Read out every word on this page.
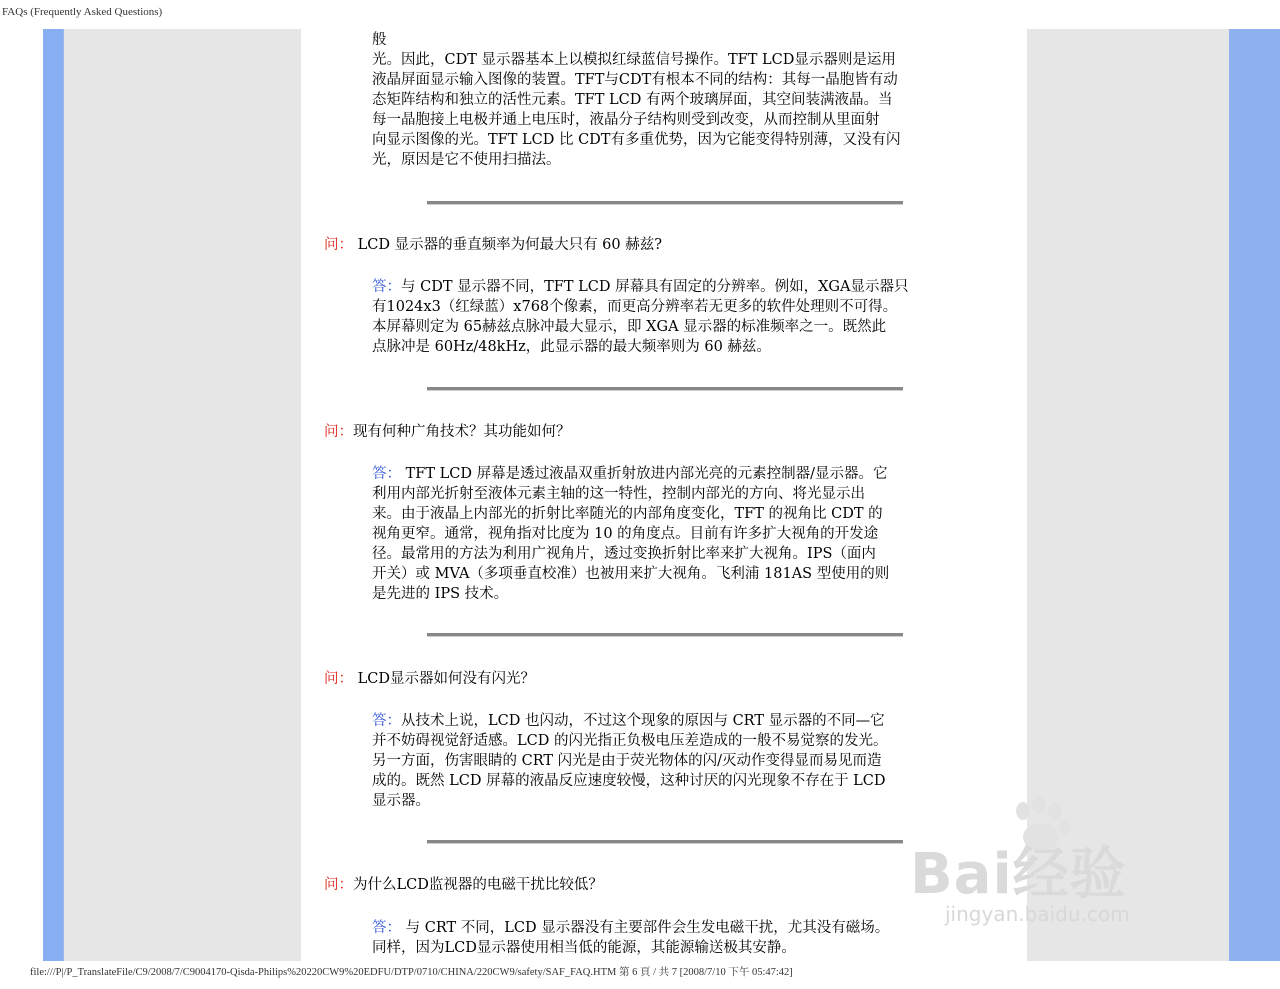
FAQs (Frequently Asked Questions)
般
光。因此，CDT 显示器基本上以模拟红绿蓝信号操作。TFT LCD显示器则是运用
液晶屏面显示输入图像的装置。TFT与CDT有根本不同的结构：其每一晶胞皆有动
态矩阵结构和独立的活性元素。TFT LCD 有两个玻璃屏面，其空间装满液晶。当
每一晶胞接上电极并通上电压时，液晶分子结构则受到改变，从而控制从里面射
向显示图像的光。TFT LCD 比 CDT有多重优势，因为它能变得特别薄，又没有闪
光，原因是它不使用扫描法。
问： LCD 显示器的垂直频率为何最大只有 60 赫兹?
答：与 CDT 显示器不同，TFT LCD 屏幕具有固定的分辨率。例如，XGA显示器只
有1024x3（红绿蓝）x768个像素，而更高分辨率若无更多的软件处理则不可得。
本屏幕则定为 65赫兹点脉冲最大显示，即 XGA 显示器的标准频率之一。既然此
点脉冲是 60Hz/48kHz，此显示器的最大频率则为 60 赫兹。
问：现有何种广角技术？其功能如何？
答： TFT LCD 屏幕是透过液晶双重折射放进内部光亮的元素控制器/显示器。它
利用内部光折射至液体元素主轴的这一特性，控制内部光的方向、将光显示出
来。由于液晶上内部光的折射比率随光的内部角度变化，TFT 的视角比 CDT 的
视角更窄。通常，视角指对比度为 10 的角度点。目前有许多扩大视角的开发途
径。最常用的方法为利用广视角片，透过变换折射比率来扩大视角。IPS（面内
开关）或 MVA（多项垂直校准）也被用来扩大视角。飞利浦 181AS 型使用的则
是先进的 IPS 技术。
问： LCD显示器如何没有闪光？
答：从技术上说，LCD 也闪动，不过这个现象的原因与 CRT 显示器的不同—它
并不妨碍视觉舒适感。LCD 的闪光指正负极电压差造成的一般不易觉察的发光。
另一方面，伤害眼睛的 CRT 闪光是由于荧光物体的闪/灭动作变得显而易见而造
成的。既然 LCD 屏幕的液晶反应速度较慢，这种讨厌的闪光现象不存在于 LCD
显示器。
问：为什么LCD监视器的电磁干扰比较低？
答： 与 CRT 不同，LCD 显示器没有主要部件会生发电磁干扰，尤其没有磁场。
同样，因为LCD显示器使用相当低的能源，其能源输送极其安静。
Bai经验
jingyan.baidu.com
file:///P|/P_TranslateFile/C9/2008/7/C9004170-Qisda-Philips%20220CW9%20EDFU/DTP/0710/CHINA/220CW9/safety/SAF_FAQ.HTM 第 6 頁 / 共 7 [2008/7/10 下午 05:47:42]
